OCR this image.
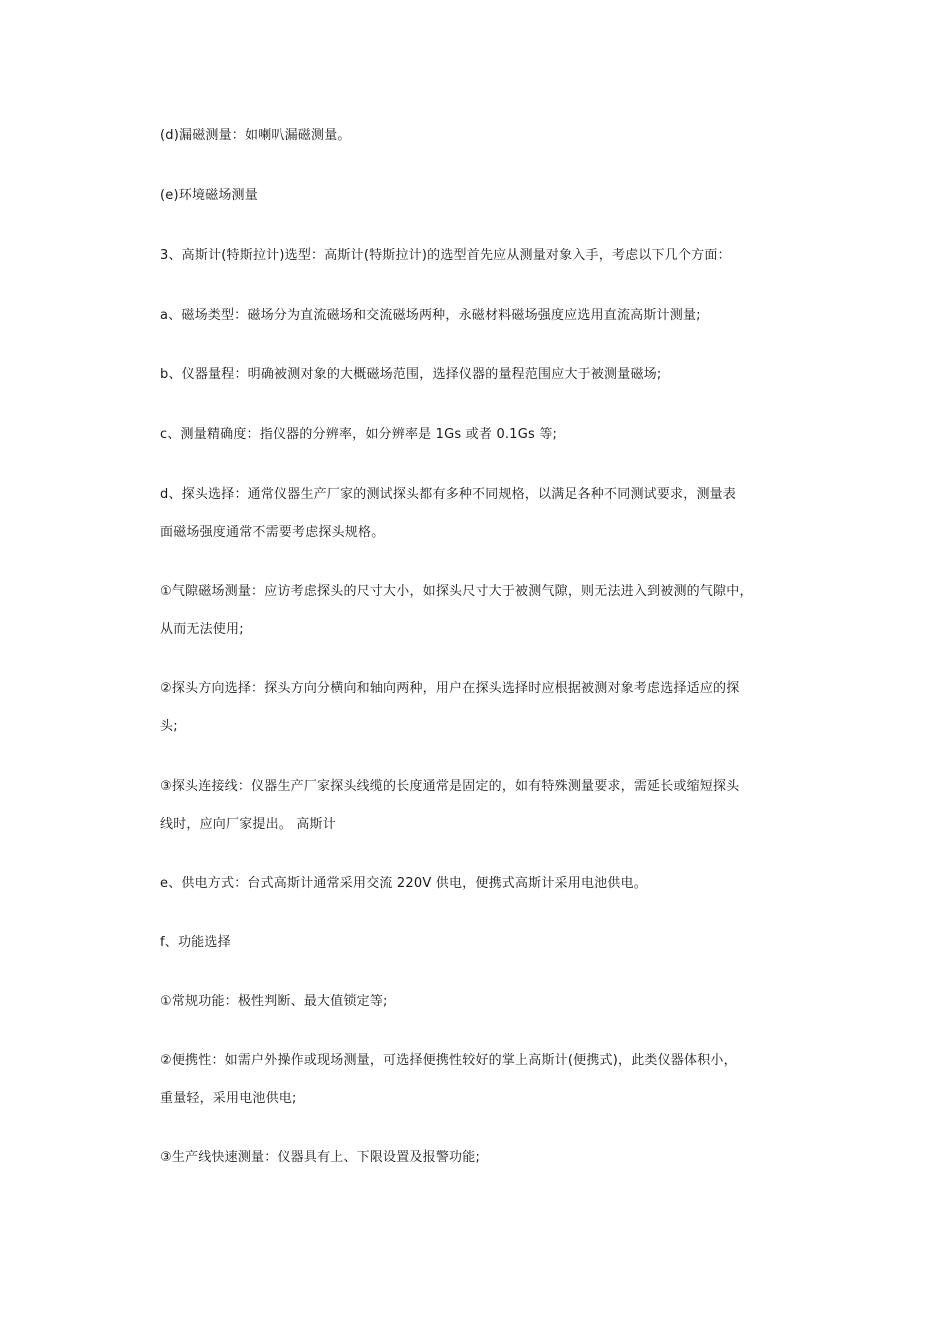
(d)漏磁测量：如喇叭漏磁测量。
(e)环境磁场测量
3、高斯计(特斯拉计)选型：高斯计(特斯拉计)的选型首先应从测量对象入手，考虑以下几个方面：
a、磁场类型：磁场分为直流磁场和交流磁场两种，永磁材料磁场强度应选用直流高斯计测量;
b、仪器量程：明确被测对象的大概磁场范围，选择仪器的量程范围应大于被测量磁场;
c、测量精确度：指仪器的分辨率，如分辨率是 1Gs 或者 0.1Gs 等;
d、探头选择：通常仪器生产厂家的测试探头都有多种不同规格，以满足各种不同测试要求，测量表
面磁场强度通常不需要考虑探头规格。
①气隙磁场测量：应访考虑探头的尺寸大小，如探头尺寸大于被测气隙，则无法进入到被测的气隙中，
从而无法使用;
②探头方向选择：探头方向分横向和轴向两种，用户在探头选择时应根据被测对象考虑选择适应的探
头;
③探头连接线：仪器生产厂家探头线缆的长度通常是固定的，如有特殊测量要求，需延长或缩短探头
线时，应向厂家提出。 高斯计
e、供电方式：台式高斯计通常采用交流 220V 供电，便携式高斯计采用电池供电。
f、功能选择
①常规功能：极性判断、最大值锁定等;
②便携性：如需户外操作或现场测量，可选择便携性较好的掌上高斯计(便携式)，此类仪器体积小，
重量轻，采用电池供电;
③生产线快速测量：仪器具有上、下限设置及报警功能;
